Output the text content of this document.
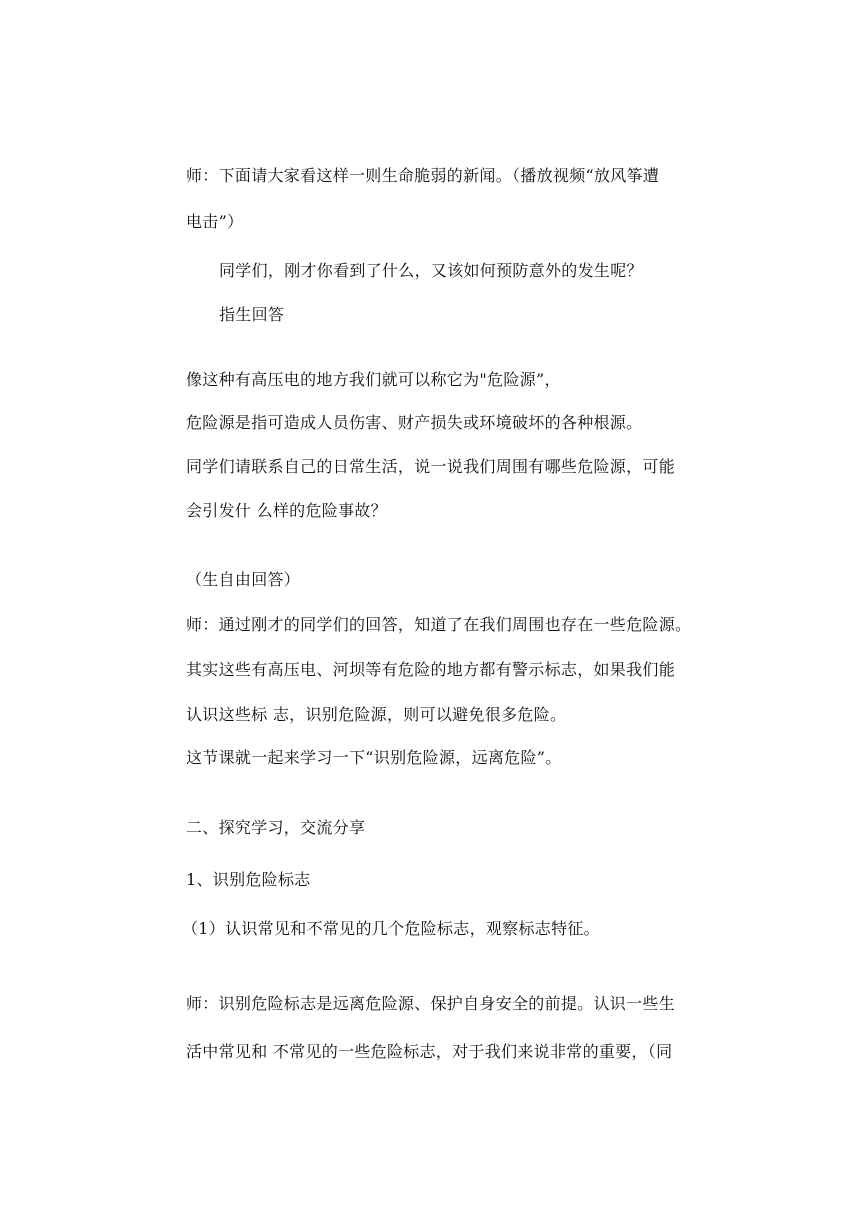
师：下面请大家看这样一则生命脆弱的新闻。（播放视频“放风筝遭
电击”）
同学们，刚才你看到了什么，又该如何预防意外的发生呢？
指生回答
像这种有高压电的地方我们就可以称它为"危险源”，
危险源是指可造成人员伤害、财产损失或环境破坏的各种根源。
同学们请联系自己的日常生活，说一说我们周围有哪些危险源，可能
会引发什 么样的危险事故？
（生自由回答）
师：通过刚才的同学们的回答，知道了在我们周围也存在一些危险源。
其实这些有高压电、河坝等有危险的地方都有警示标志，如果我们能
认识这些标 志，识别危险源，则可以避免很多危险。
这节课就一起来学习一下“识别危险源，远离危险”。
二、探究学习，交流分享
1、识别危险标志
（1）认识常见和不常见的几个危险标志，观察标志特征。
师：识别危险标志是远离危险源、保护自身安全的前提。认识一些生
活中常见和 不常见的一些危险标志，对于我们来说非常的重要，（同
